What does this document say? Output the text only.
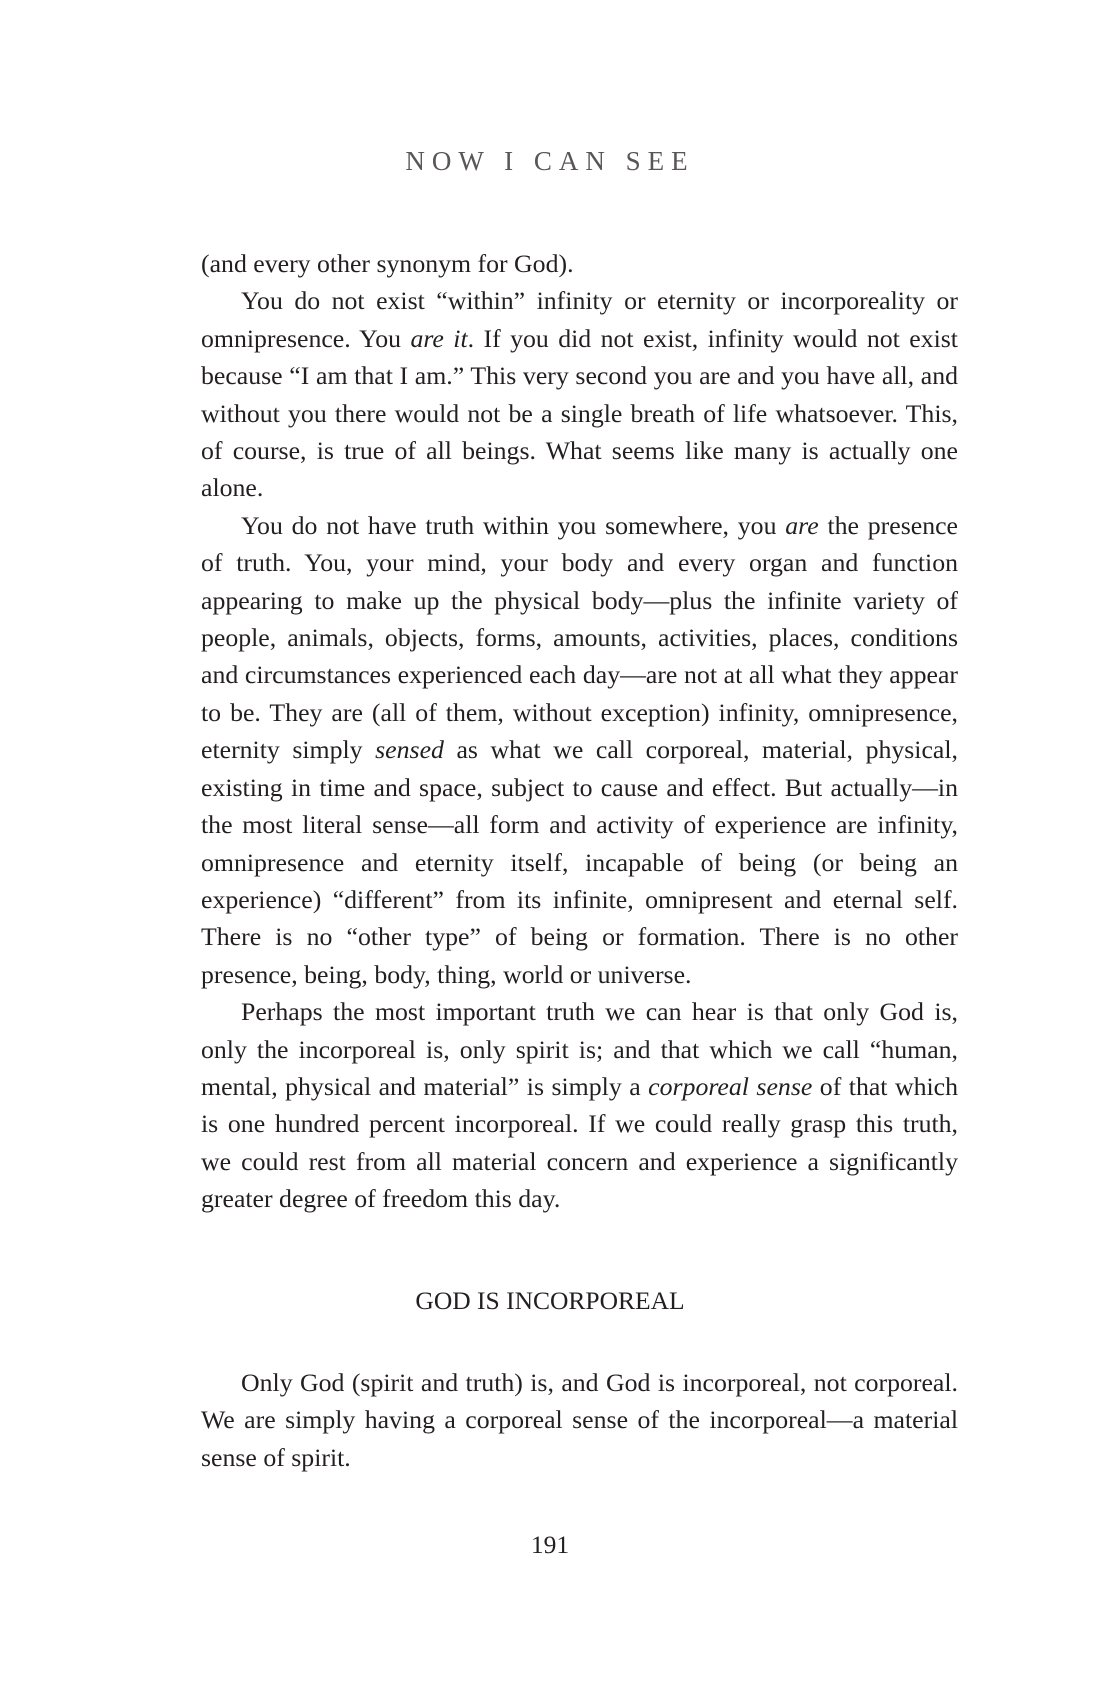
NOW I CAN SEE

(and every other synonym for God).

You do not exist “within” infinity or eternity or incorporeality or omnipresence. You are it. If you did not exist, infinity would not exist because “I am that I am.” This very second you are and you have all, and without you there would not be a single breath of life whatsoever. This, of course, is true of all beings. What seems like many is actually one alone.

You do not have truth within you somewhere, you are the presence of truth. You, your mind, your body and every organ and function appearing to make up the physical body—plus the infinite variety of people, animals, objects, forms, amounts, activities, places, conditions and circumstances experienced each day—are not at all what they appear to be. They are (all of them, without exception) infinity, omnipresence, eternity simply sensed as what we call corporeal, material, physical, existing in time and space, subject to cause and effect. But actually—in the most literal sense—all form and activity of experience are infinity, omnipresence and eternity itself, incapable of being (or being an experience) “different” from its infinite, omnipresent and eternal self. There is no “other type” of being or formation. There is no other presence, being, body, thing, world or universe.

Perhaps the most important truth we can hear is that only God is, only the incorporeal is, only spirit is; and that which we call “human, mental, physical and material” is simply a corporeal sense of that which is one hundred percent incorporeal. If we could really grasp this truth, we could rest from all material concern and experience a significantly greater degree of freedom this day.

GOD IS INCORPOREAL

Only God (spirit and truth) is, and God is incorporeal, not corporeal. We are simply having a corporeal sense of the incorporeal—a material sense of spirit.

191
